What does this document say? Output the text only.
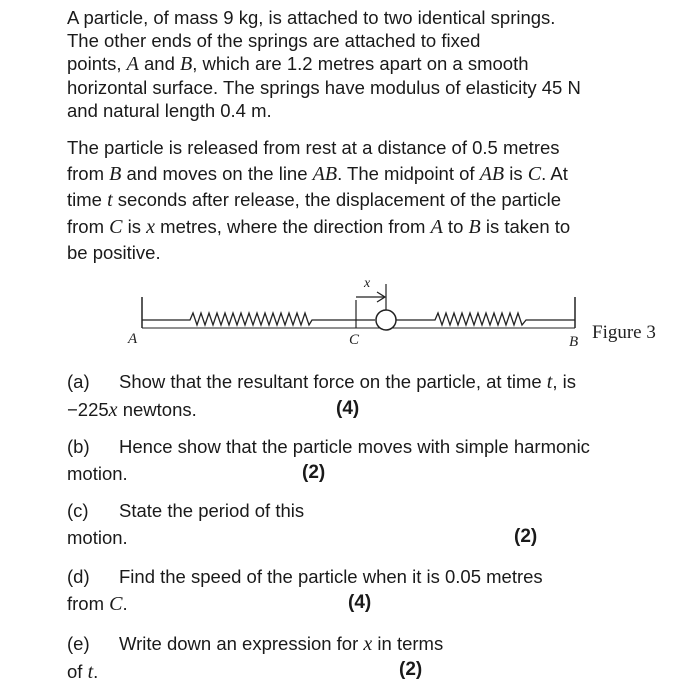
A particle, of mass 9 kg, is attached to two identical springs.
The other ends of the springs are attached to fixed
points, A and B, which are 1.2 metres apart on a smooth
horizontal surface. The springs have modulus of elasticity 45 N
and natural length 0.4 m.
The particle is released from rest at a distance of 0.5 metres
from B and moves on the line AB. The midpoint of AB is C. At
time t seconds after release, the displacement of the particle
from C is x metres, where the direction from A to B is taken to
be positive.
x
A	C	B Figure 3
(a) Show that the resultant force on the particle, at time t, is
−225x newtons.	(4)
(b) Hence show that the particle moves with simple harmonic
motion.	(2)
(c) State the period of this
motion.	(2)
(d) Find the speed of the particle when it is 0.05 metres
from C.	(4)
(e) Write down an expression for x in terms
of t.	(2)
